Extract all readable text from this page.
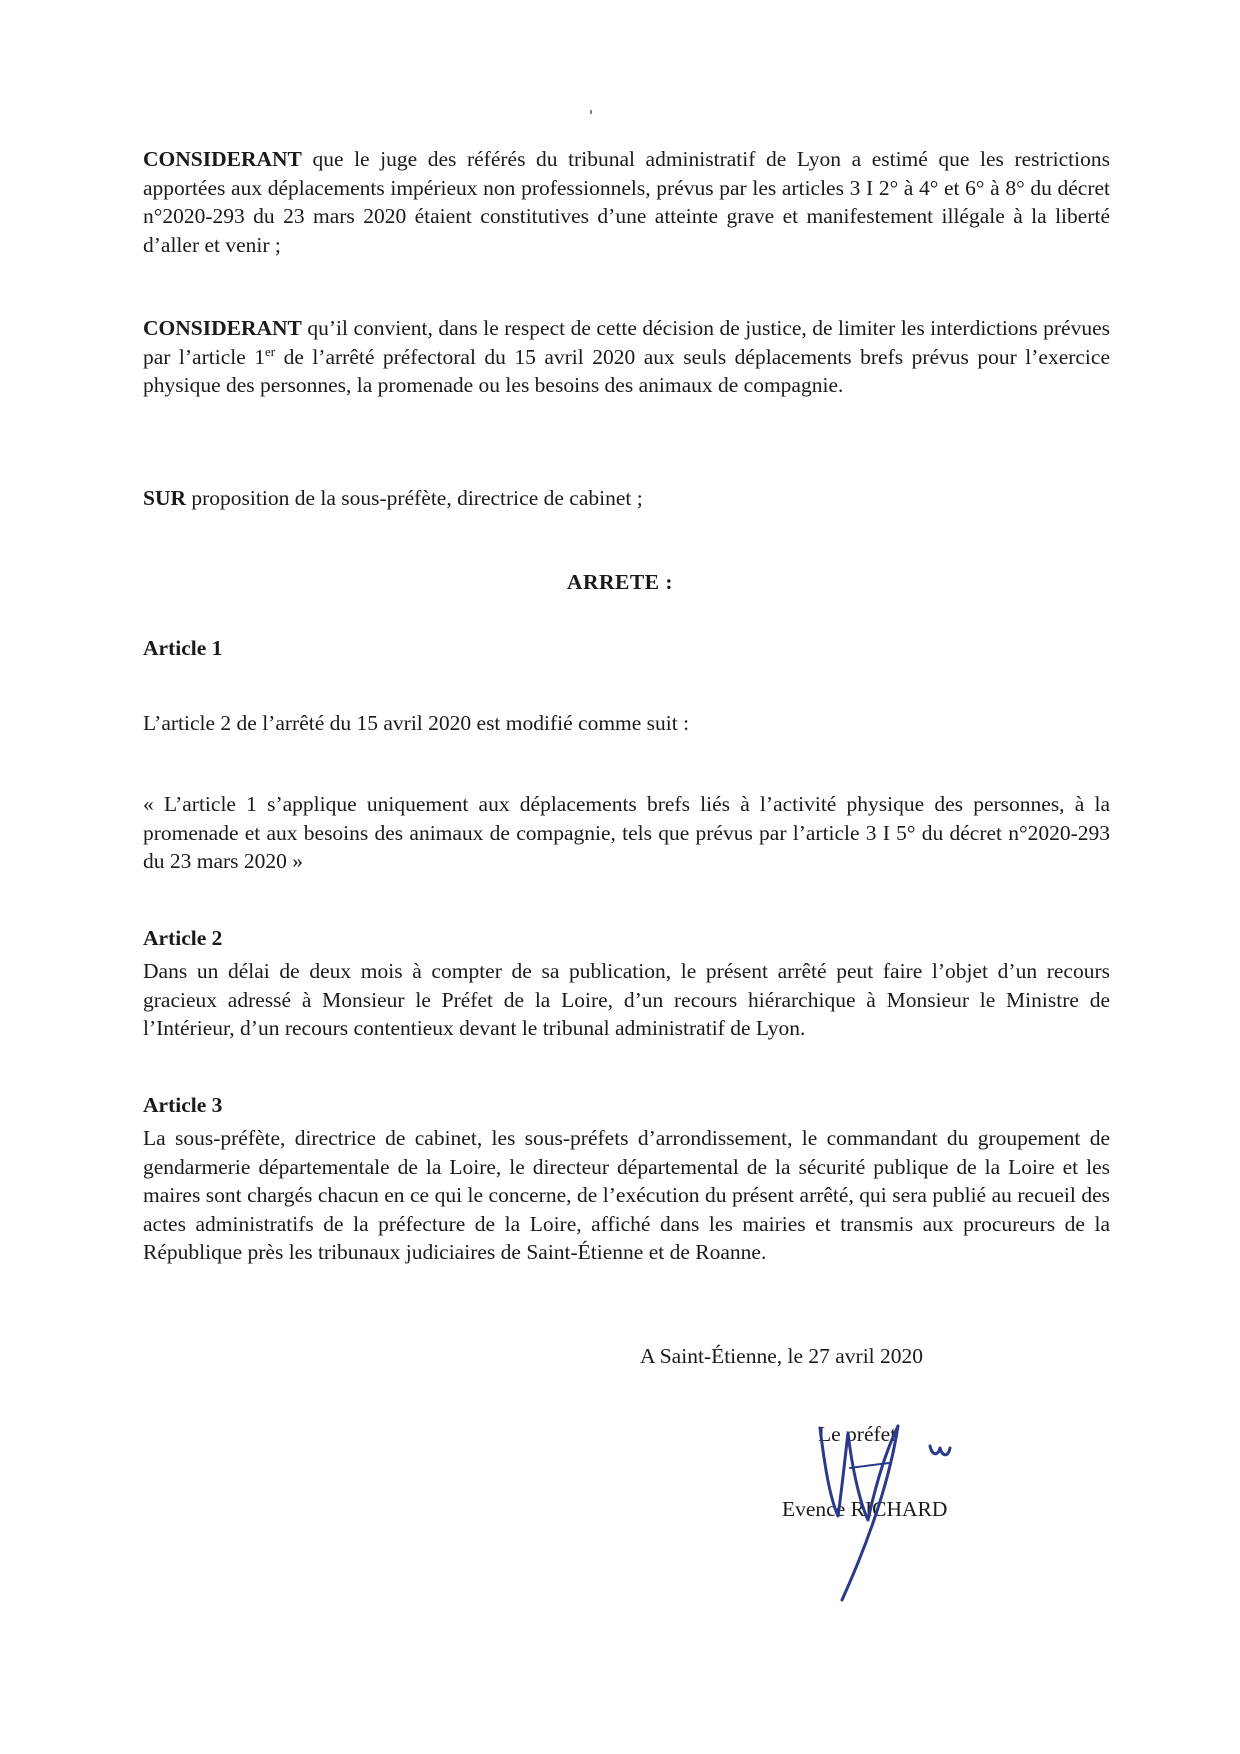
CONSIDERANT que le juge des référés du tribunal administratif de Lyon a estimé que les restrictions apportées aux déplacements impérieux non professionnels, prévus par les articles 3 I 2° à 4° et 6° à 8° du décret n°2020-293 du 23 mars 2020 étaient constitutives d’une atteinte grave et manifestement illégale à la liberté d’aller et venir ;

CONSIDERANT qu’il convient, dans le respect de cette décision de justice, de limiter les interdictions prévues par l’article 1er de l’arrêté préfectoral du 15 avril 2020 aux seuls déplacements brefs prévus pour l’exercice physique des personnes, la promenade ou les besoins des animaux de compagnie.

SUR proposition de la sous-préfète, directrice de cabinet ;

ARRETE :
Article 1

L’article 2 de l’arrêté du 15 avril 2020 est modifié comme suit :

« L’article 1 s’applique uniquement aux déplacements brefs liés à l’activité physique des personnes, à la promenade et aux besoins des animaux de compagnie, tels que prévus par l’article 3 I 5° du décret n°2020-293 du 23 mars 2020 »

Article 2

Dans un délai de deux mois à compter de sa publication, le présent arrêté peut faire l’objet d’un recours gracieux adressé à Monsieur le Préfet de la Loire, d’un recours hiérarchique à Monsieur le Ministre de l’Intérieur, d’un recours contentieux devant le tribunal administratif de Lyon.

Article 3

La sous-préfète, directrice de cabinet, les sous-préfets d’arrondissement, le commandant du groupement de gendarmerie départementale de la Loire, le directeur départemental de la sécurité publique de la Loire et les maires sont chargés chacun en ce qui le concerne, de l’exécution du présent arrêté, qui sera publié au recueil des actes administratifs de la préfecture de la Loire, affiché dans les mairies et transmis aux procureurs de la République près les tribunaux judiciaires de Saint-Étienne et de Roanne.

A Saint-Étienne, le 27 avril 2020
Le préfet
Evence RICHARD
